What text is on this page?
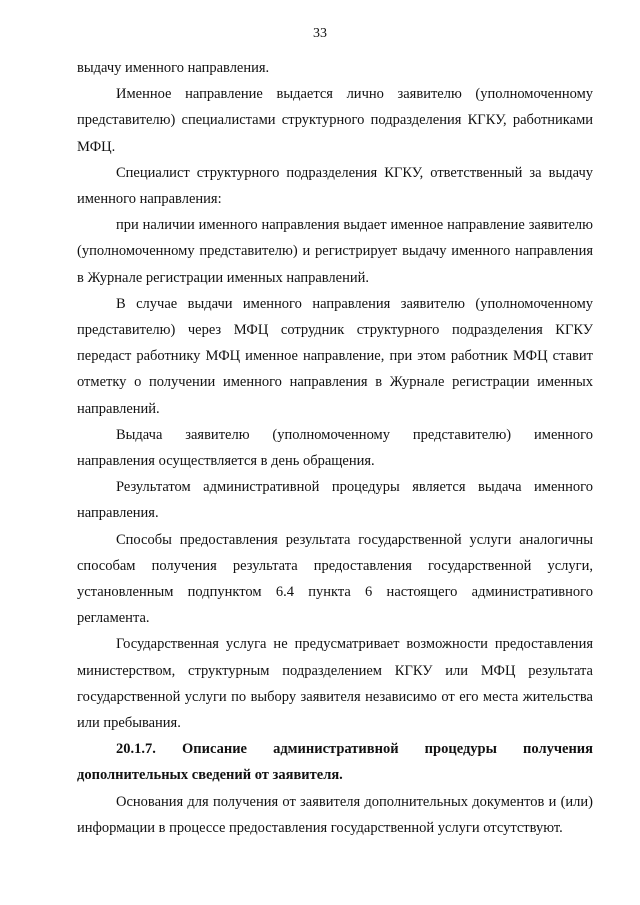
33

выдачу именного направления.

Именное направление выдается лично заявителю (уполномоченному представителю) специалистами структурного подразделения КГКУ, работниками МФЦ.

Специалист структурного подразделения КГКУ, ответственный за выдачу именного направления:

при наличии именного направления выдает именное направление заявителю (уполномоченному представителю) и регистрирует выдачу именного направления в Журнале регистрации именных направлений.

В случае выдачи именного направления заявителю (уполномоченному представителю) через МФЦ сотрудник структурного подразделения КГКУ передаст работнику МФЦ именное направление, при этом работник МФЦ ставит отметку о получении именного направления в Журнале регистрации именных направлений.

Выдача заявителю (уполномоченному представителю) именного направления осуществляется в день обращения.

Результатом административной процедуры является выдача именного направления.

Способы предоставления результата государственной услуги аналогичны способам получения результата предоставления государственной услуги, установленным подпунктом 6.4 пункта 6 настоящего административного регламента.

Государственная услуга не предусматривает возможности предоставления министерством, структурным подразделением КГКУ или МФЦ результата государственной услуги по выбору заявителя независимо от его места жительства или пребывания.

20.1.7. Описание административной процедуры получения дополнительных сведений от заявителя.

Основания для получения от заявителя дополнительных документов и (или) информации в процессе предоставления государственной услуги отсутствуют.
